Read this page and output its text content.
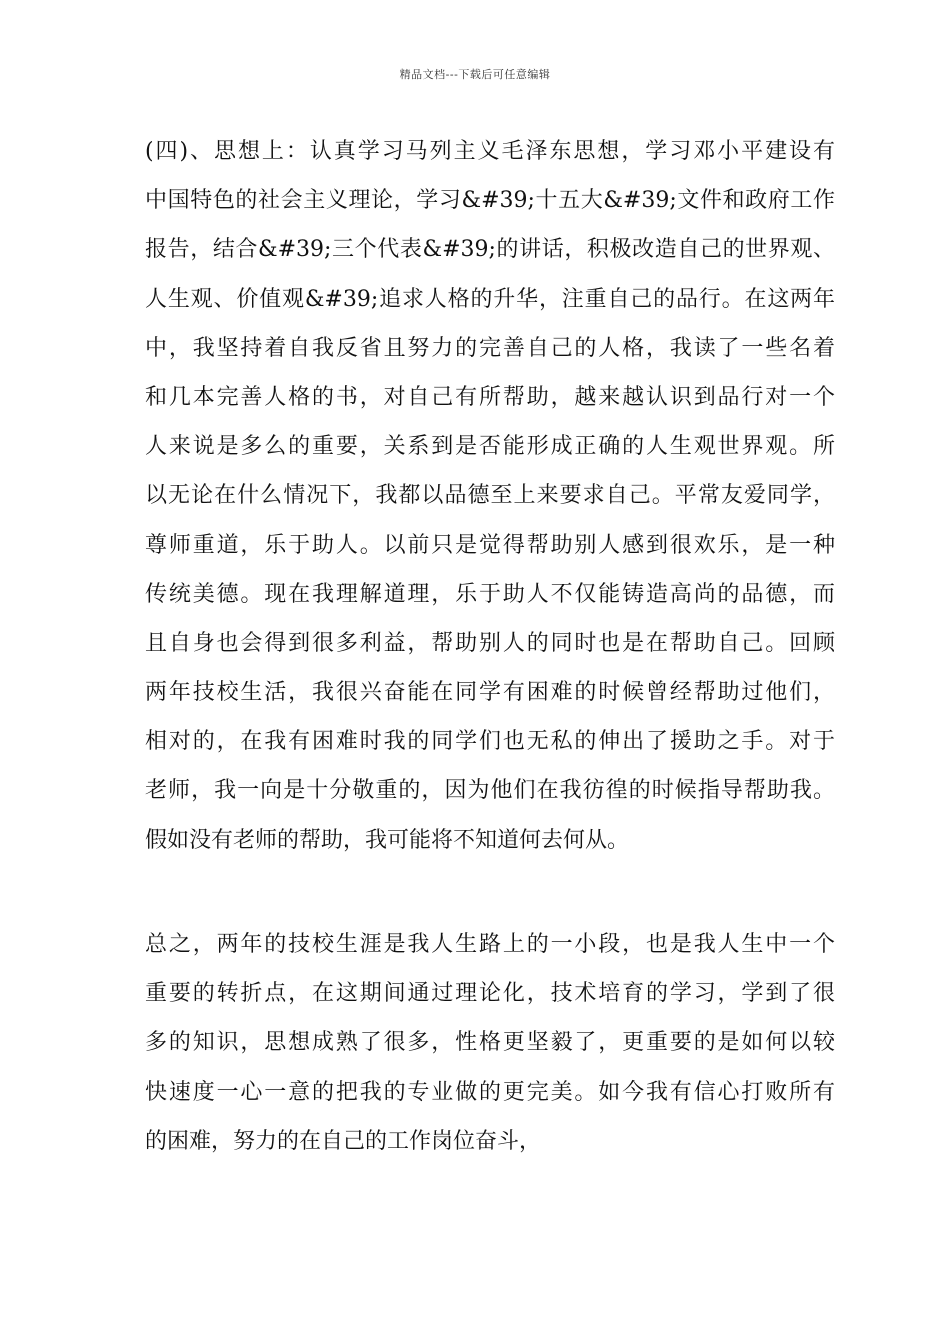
精品文档---下载后可任意编辑
(四)、思想上：认真学习马列主义毛泽东思想，学习邓小平建设有
中国特色的社会主义理论，学习&#39;十五大&#39;文件和政府工作
报告，结合&#39;三个代表&#39;的讲话，积极改造自己的世界观、
人生观、价值观&#39;追求人格的升华，注重自己的品行。在这两年
中，我坚持着自我反省且努力的完善自己的人格，我读了一些名着
和几本完善人格的书，对自己有所帮助，越来越认识到品行对一个
人来说是多么的重要，关系到是否能形成正确的人生观世界观。所
以无论在什么情况下，我都以品德至上来要求自己。平常友爱同学，
尊师重道，乐于助人。以前只是觉得帮助别人感到很欢乐，是一种
传统美德。现在我理解道理，乐于助人不仅能铸造高尚的品德，而
且自身也会得到很多利益，帮助别人的同时也是在帮助自己。回顾
两年技校生活，我很兴奋能在同学有困难的时候曾经帮助过他们，
相对的，在我有困难时我的同学们也无私的伸出了援助之手。对于
老师，我一向是十分敬重的，因为他们在我彷徨的时候指导帮助我。
假如没有老师的帮助，我可能将不知道何去何从。
总之，两年的技校生涯是我人生路上的一小段，也是我人生中一个
重要的转折点，在这期间通过理论化，技术培育的学习，学到了很
多的知识，思想成熟了很多，性格更坚毅了，更重要的是如何以较
快速度一心一意的把我的专业做的更完美。如今我有信心打败所有
的困难，努力的在自己的工作岗位奋斗，
